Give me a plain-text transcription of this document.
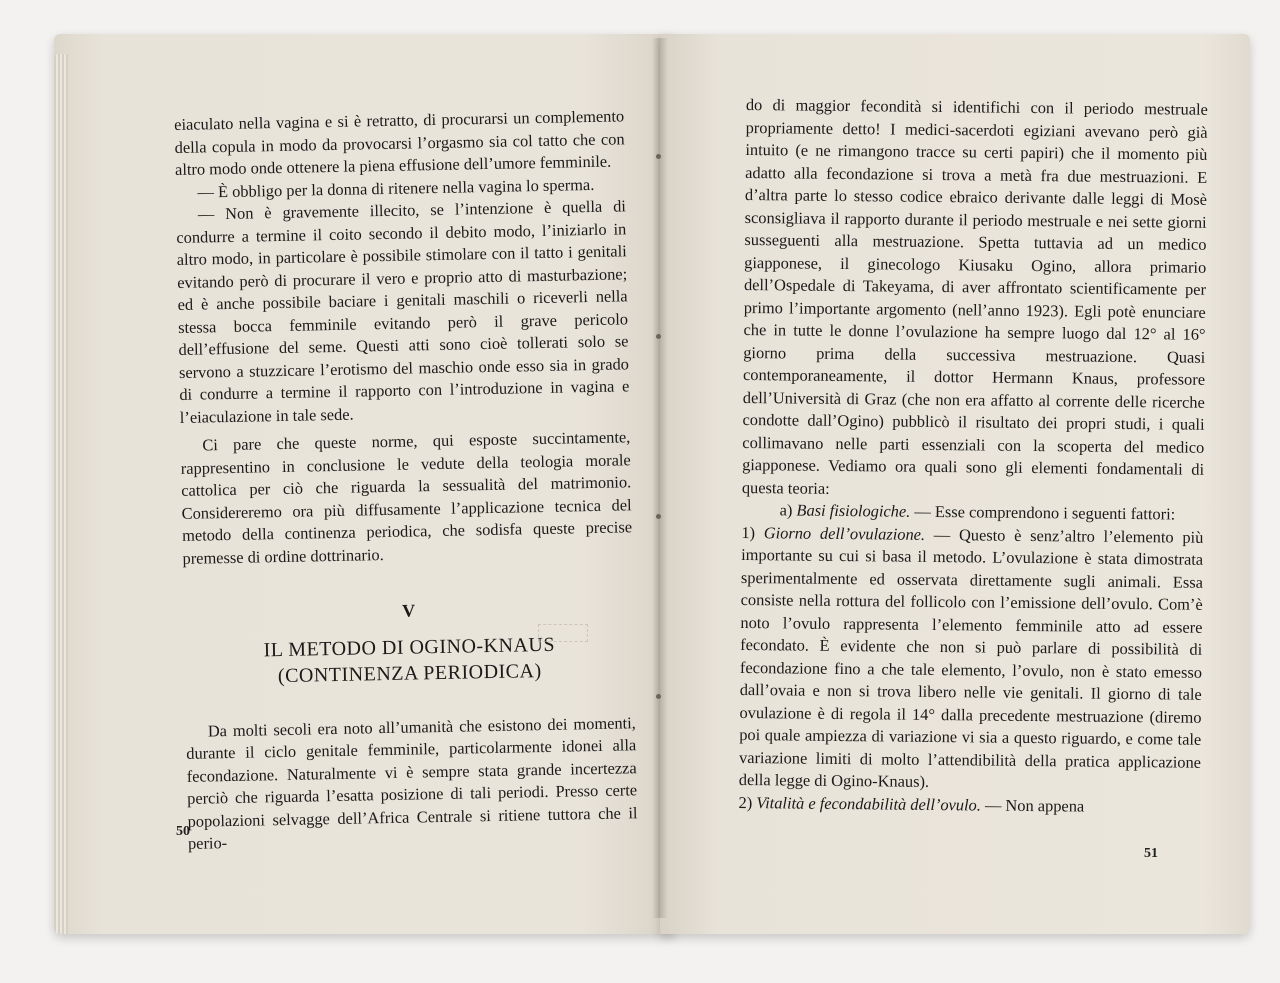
eiaculato nella vagina e si è retratto, di procurarsi un complemento della copula in modo da provocarsi l’orgasmo sia col tatto che con altro modo onde ottenere la piena effusione dell’umore femminile.

— È obbligo per la donna di ritenere nella vagina lo sperma.

— Non è gravemente illecito, se l’intenzione è quella di condurre a termine il coito secondo il debito modo, l’iniziarlo in altro modo, in particolare è possibile stimolare con il tatto i genitali evitando però di procurare il vero e proprio atto di masturbazione; ed è anche possibile baciare i genitali maschili o riceverli nella stessa bocca femminile evitando però il grave pericolo dell’effusione del seme. Questi atti sono cioè tollerati solo se servono a stuzzicare l’erotismo del maschio onde esso sia in grado di condurre a termine il rapporto con l’introduzione in vagina e l’eiaculazione in tale sede.

Ci pare che queste norme, qui esposte succintamente, rappresentino in conclusione le vedute della teologia morale cattolica per ciò che riguarda la sessualità del matrimonio. Considereremo ora più diffusamente l’applicazione tecnica del metodo della continenza periodica, che sodisfa queste precise premesse di ordine dottrinario.

V
IL METODO DI OGINO-KNAUS
(CONTINENZA PERIODICA)

Da molti secoli era noto all’umanità che esistono dei momenti, durante il ciclo genitale femminile, particolarmente idonei alla fecondazione. Naturalmente vi è sempre stata grande incertezza perciò che riguarda l’esatta posizione di tali periodi. Presso certe popolazioni selvagge dell’Africa Centrale si ritiene tuttora che il perio-

50

do di maggior fecondità si identifichi con il periodo mestruale propriamente detto! I medici-sacerdoti egiziani avevano però già intuito (e ne rimangono tracce su certi papiri) che il momento più adatto alla fecondazione si trova a metà fra due mestruazioni. E d’altra parte lo stesso codice ebraico derivante dalle leggi di Mosè sconsigliava il rapporto durante il periodo mestruale e nei sette giorni susseguenti alla mestruazione. Spetta tuttavia ad un medico giapponese, il ginecologo Kiusaku Ogino, allora primario dell’Ospedale di Takeyama, di aver affrontato scientificamente per primo l’importante argomento (nell’anno 1923). Egli potè enunciare che in tutte le donne l’ovulazione ha sempre luogo dal 12° al 16° giorno prima della successiva mestruazione. Quasi contemporaneamente, il dottor Hermann Knaus, professore dell’Università di Graz (che non era affatto al corrente delle ricerche condotte dall’Ogino) pubblicò il risultato dei propri studi, i quali collimavano nelle parti essenziali con la scoperta del medico giapponese. Vediamo ora quali sono gli elementi fondamentali di questa teoria:

a) Basi fisiologiche. — Esse comprendono i seguenti fattori:

1) Giorno dell’ovulazione. — Questo è senz’altro l’elemento più importante su cui si basa il metodo. L’ovulazione è stata dimostrata sperimentalmente ed osservata direttamente sugli animali. Essa consiste nella rottura del follicolo con l’emissione dell’ovulo. Com’è noto l’ovulo rappresenta l’elemento femminile atto ad essere fecondato. È evidente che non si può parlare di possibilità di fecondazione fino a che tale elemento, l’ovulo, non è stato emesso dall’ovaia e non si trova libero nelle vie genitali. Il giorno di tale ovulazione è di regola il 14° dalla precedente mestruazione (diremo poi quale ampiezza di variazione vi sia a questo riguardo, e come tale variazione limiti di molto l’attendibilità della pratica applicazione della legge di Ogino-Knaus).

2) Vitalità e fecondabilità dell’ovulo. — Non appena

51
